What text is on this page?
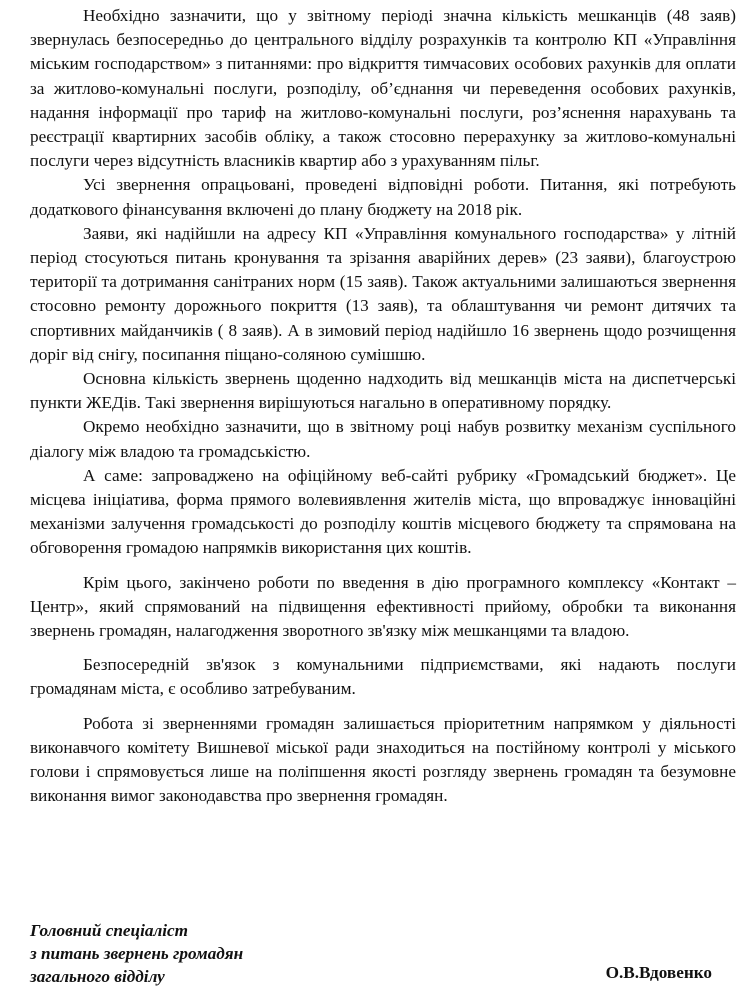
Необхідно зазначити, що у звітному періоді значна кількість мешканців (48 заяв) звернулась безпосередньо до центрального відділу розрахунків та контролю КП «Управління міським господарством» з питаннями: про відкриття тимчасових особових рахунків для оплати за житлово-комунальні послуги, розподілу, об’єднання чи переведення особових рахунків, надання інформації про тариф на житлово-комунальні послуги, роз’яснення нарахувань та реєстрації квартирних засобів обліку, а також стосовно перерахунку за житлово-комунальні послуги через відсутність власників квартир або з урахуванням пільг.

Усі звернення опрацьовані, проведені відповідні роботи. Питання, які потребують додаткового фінансування включені до плану бюджету на 2018 рік.

Заяви, які надійшли на адресу КП «Управління комунального господарства» у літній період стосуються питань кронування та зрізання аварійних дерев» (23 заяви), благоустрою території та дотримання санітраних норм (15 заяв). Також актуальними залишаються звернення стосовно ремонту дорожнього покриття (13 заяв), та облаштування чи ремонт дитячих та спортивних майданчиків ( 8 заяв). А в зимовий період надійшло 16 звернень щодо розчищення доріг від снігу, посипання піщано-соляною сумішшю.

Основна кількість звернень щоденно надходить від мешканців міста на диспетчерські пункти ЖЕДів. Такі звернення вирішуються нагально в оперативному порядку.

Окремо необхідно зазначити, що в звітному році набув розвитку механізм суспільного діалогу між владою та громадськістю.

А саме: запроваджено на офіційному веб-сайті рубрику «Громадський бюджет». Це місцева ініціатива, форма прямого волевиявлення жителів міста, що впроваджує інноваційні механізми залучення громадськості до розподілу коштів місцевого бюджету та спрямована на обговорення громадою напрямків використання цих коштів.

Крім цього, закінчено роботи по введення в дію програмного комплексу «Контакт – Центр», який спрямований на підвищення ефективності прийому, обробки та виконання звернень громадян, налагодження зворотного зв'язку між мешканцями та владою.

Безпосередній зв'язок з комунальними підприємствами, які надають послуги громадянам міста, є особливо затребуваним.

Робота зі зверненнями громадян залишається пріоритетним напрямком у діяльності виконавчого комітету Вишневої міської ради знаходиться на постійному контролі у міського голови і спрямовується лише на поліпшення якості розгляду звернень громадян та безумовне виконання вимог законодавства про звернення громадян.

Головний спеціаліст
з питань звернень громадян
загального відділу	О.В.Вдовенко
